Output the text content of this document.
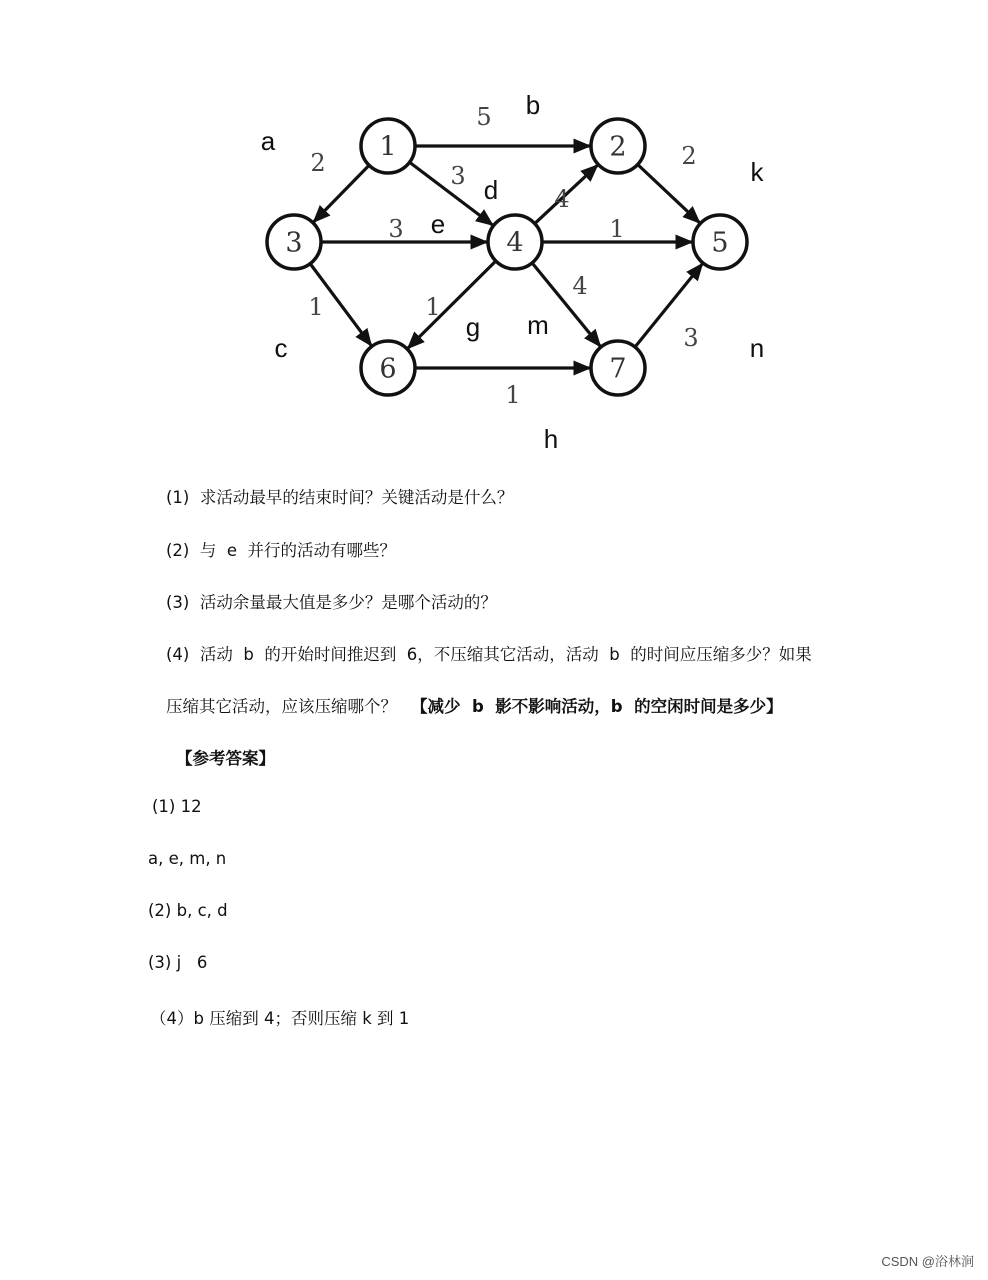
1	2
3	4	5
6	7
5 b
2
a
3 d
3 e
1
c
4
1
1
g
4
m
2
k
1
h
3 n
(1)  求活动最早的结束时间？关键活动是什么？
(2)  与  e  并行的活动有哪些？
(3)  活动余量最大值是多少？是哪个活动的？
(4)  活动  b  的开始时间推迟到  6，不压缩其它活动，活动  b  的时间应压缩多少？如果
压缩其它活动，应该压缩哪个？ 【减少  b  影不影响活动，b  的空闲时间是多少】
【参考答案】
(1) 12
a, e, m, n
(2) b, c, d
(3) j   6
（4）b 压缩到 4；否则压缩 k 到 1
CSDN @浴林涧
